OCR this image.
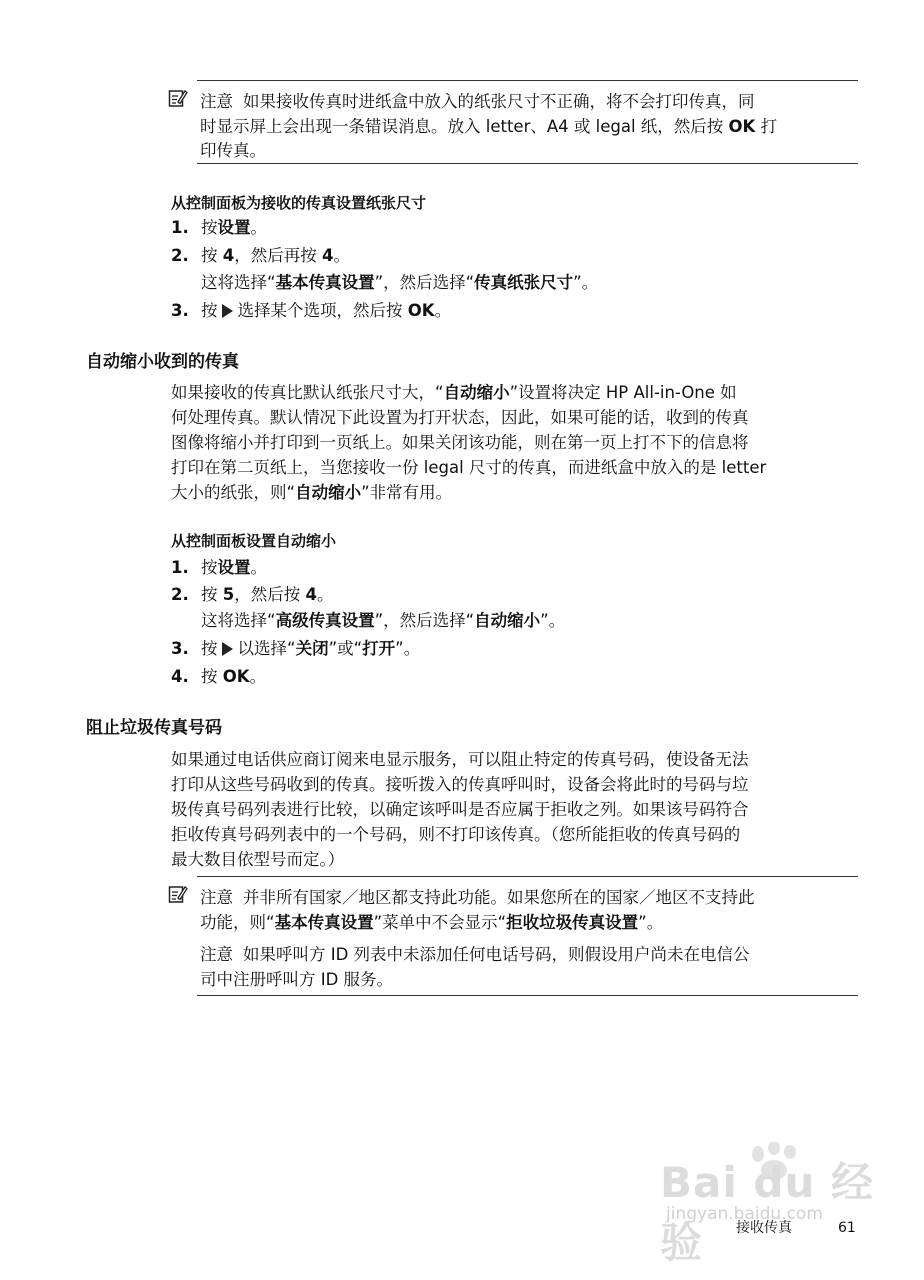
注意 如果接收传真时进纸盒中放入的纸张尺寸不正确，将不会打印传真，同
时显示屏上会出现一条错误消息。放入 letter、A4 或 legal 纸，然后按 OK 打
印传真。
从控制面板为接收的传真设置纸张尺寸
1. 按设置。
2. 按 4，然后再按 4。
这将选择“基本传真设置”，然后选择“传真纸张尺寸”。
3. 按 选择某个选项，然后按 OK。
自动缩小收到的传真
如果接收的传真比默认纸张尺寸大，“自动缩小”设置将决定 HP All-in-One 如
何处理传真。默认情况下此设置为打开状态，因此，如果可能的话，收到的传真
图像将缩小并打印到一页纸上。如果关闭该功能，则在第一页上打不下的信息将
打印在第二页纸上，当您接收一份 legal 尺寸的传真，而进纸盒中放入的是 letter
大小的纸张，则“自动缩小”非常有用。
从控制面板设置自动缩小
1. 按设置。
2. 按 5，然后按 4。
这将选择“高级传真设置”，然后选择“自动缩小”。
3. 按 以选择“关闭”或“打开”。
4. 按 OK。
阻止垃圾传真号码
如果通过电话供应商订阅来电显示服务，可以阻止特定的传真号码，使设备无法
打印从这些号码收到的传真。接听拨入的传真呼叫时，设备会将此时的号码与垃
圾传真号码列表进行比较，以确定该呼叫是否应属于拒收之列。如果该号码符合
拒收传真号码列表中的一个号码，则不打印该传真。（您所能拒收的传真号码的
最大数目依型号而定。）
注意 并非所有国家／地区都支持此功能。如果您所在的国家／地区不支持此
功能，则“基本传真设置”菜单中不会显示“拒收垃圾传真设置”。
注意 如果呼叫方 ID 列表中未添加任何电话号码，则假设用户尚未在电信公
司中注册呼叫方 ID 服务。
Bai du 经验
jingyan.baidu.com
接收传真	61
